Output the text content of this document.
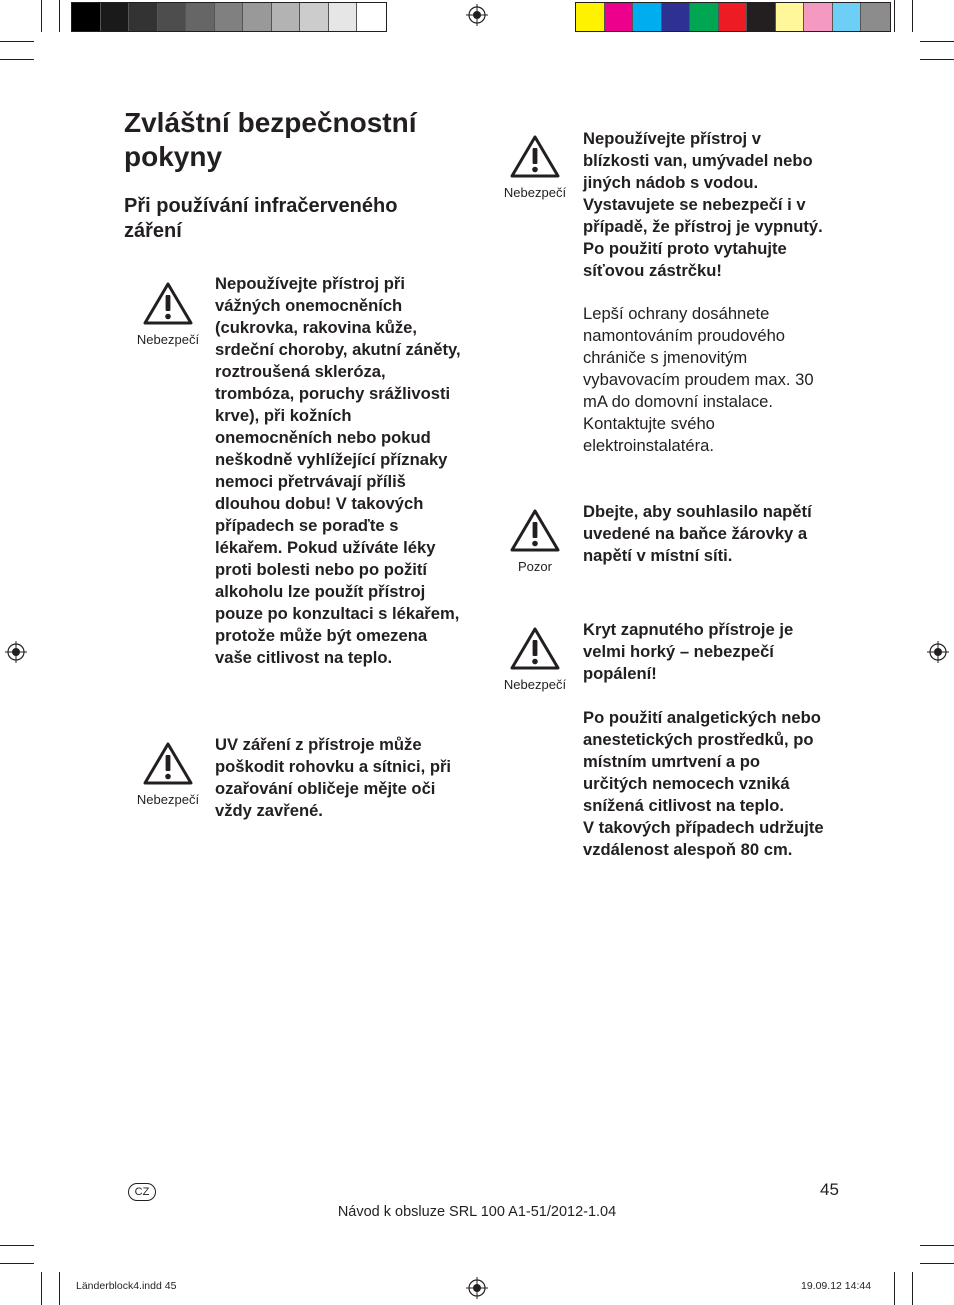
Zvláštní bezpečnostní pokyny
Při používání infračerveného záření
Nebezpečí
Nepoužívejte přístroj při vážných onemocněních (cukrovka, rakovina kůže, srdeční choroby, akutní záněty, roztroušená skleróza, trombóza, poruchy srážlivosti krve), při kožních onemocněních nebo pokud neškodně vyhlížející příznaky nemoci přetrvávají příliš dlouhou dobu! V takových případech se poraďte s lékařem. Pokud užíváte léky proti bolesti nebo po požití alkoholu lze použít přístroj pouze po konzultaci s lékařem, protože může být omezena vaše citlivost na teplo.
Nebezpečí
UV záření z přístroje může poškodit rohovku a sítnici, při ozařování obličeje mějte oči vždy zavřené.
Nebezpečí
Nepoužívejte přístroj v blízkosti van, umývadel nebo jiných nádob s vodou. Vystavujete se nebezpečí i v případě, že přístroj je vypnutý. Po použití proto vytahujte síťovou zástrčku!
Lepší ochrany dosáhnete namontováním proudového chrániče s jmenovitým vybavovacím proudem max. 30 mA do domovní instalace. Kontaktujte svého elektroinstalatéra.
Pozor
Dbejte, aby souhlasilo napětí uvedené na baňce žárovky a napětí v místní síti.
Nebezpečí

Kryt zapnutého přístroje je velmi horký – nebezpečí popálení!

Po použití analgetických nebo anestetických prostředků, po místním umrtvení a po určitých nemocech vzniká snížená citlivost na teplo.

V takových případech udržujte vzdálenost alespoň 80 cm.

CZ	45
Návod k obsluze SRL 100 A1-51/2012-1.04
Länderblock4.indd 45	19.09.12 14:44
